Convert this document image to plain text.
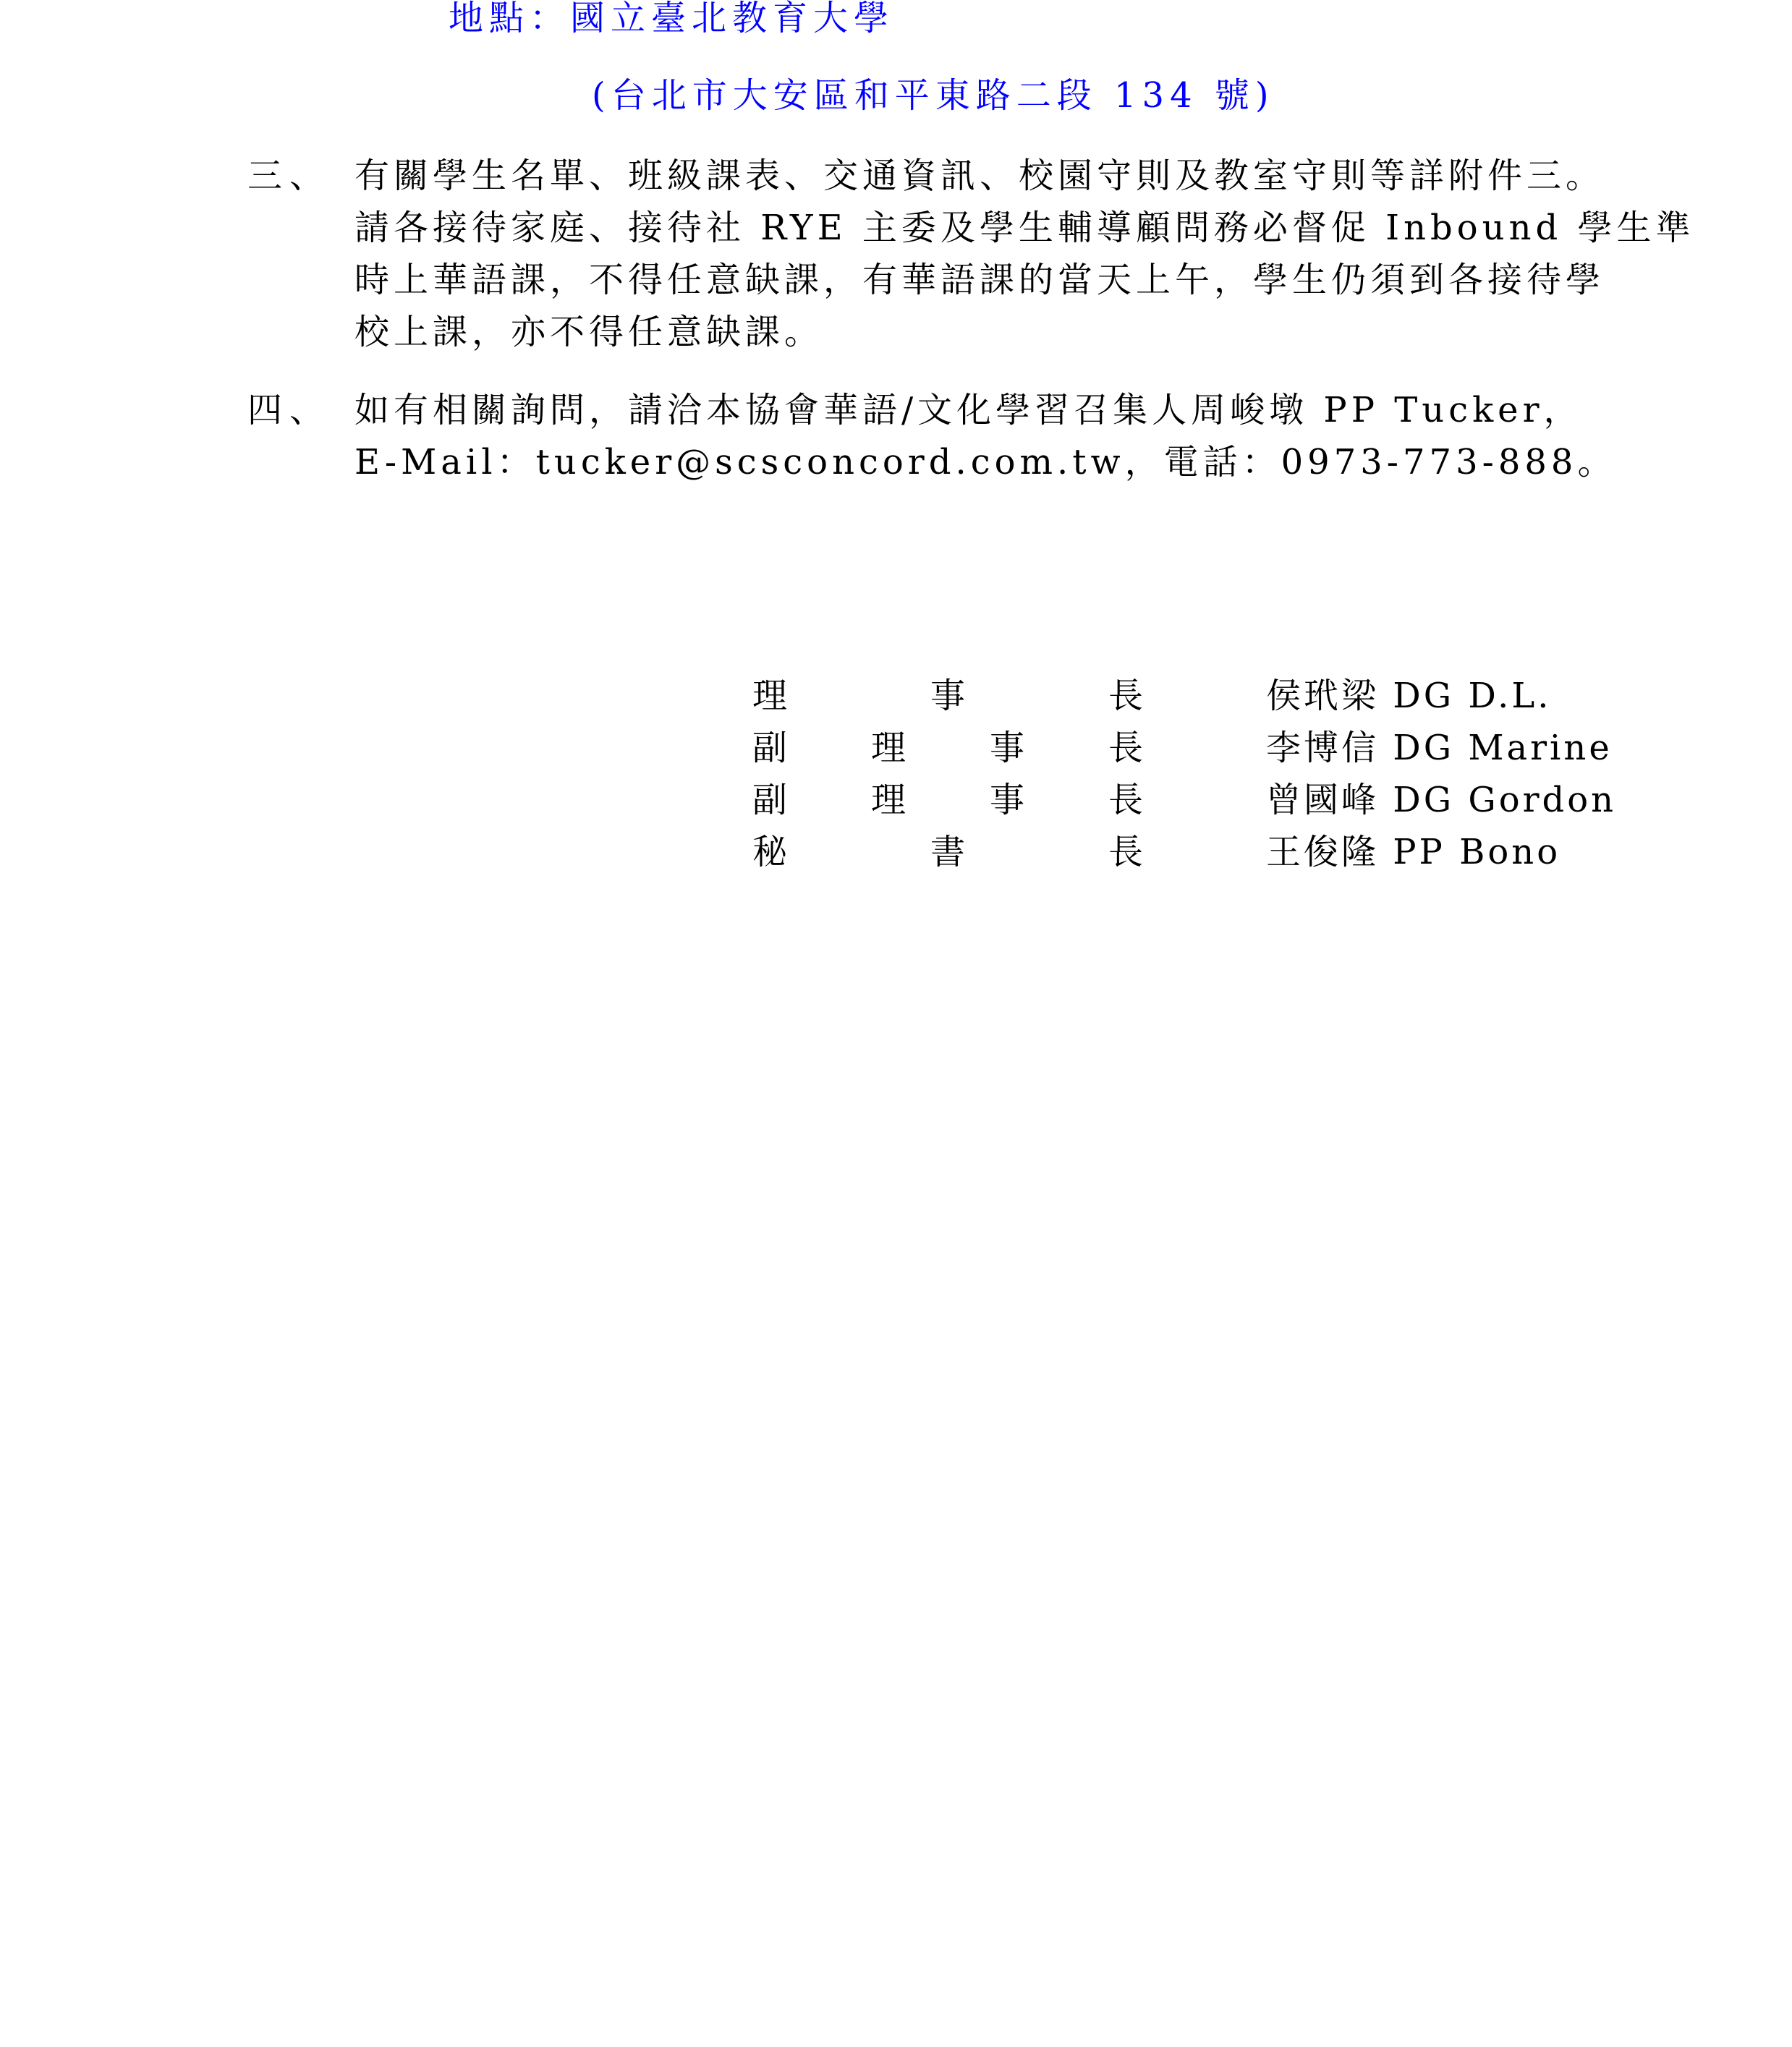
地點：國立臺北教育大學
(台北市大安區和平東路二段 134 號)
三、 有關學生名單、班級課表、交通資訊、校園守則及教室守則等詳附件三。
請各接待家庭、接待社 RYE 主委及學生輔導顧問務必督促 Inbound 學生準
時上華語課，不得任意缺課，有華語課的當天上午，學生仍須到各接待學
校上課，亦不得任意缺課。
四、 如有相關詢問，請洽本協會華語/文化學習召集人周峻墩 PP Tucker，
E-Mail：tucker@scsconcord.com.tw，電話：0973-773-888。
理	事	長	侯玳梁 DG D.L.
副 理 事 長	李博信 DG Marine
副 理 事 長	曾國峰 DG Gordon
秘	書	長	王俊隆 PP Bono
